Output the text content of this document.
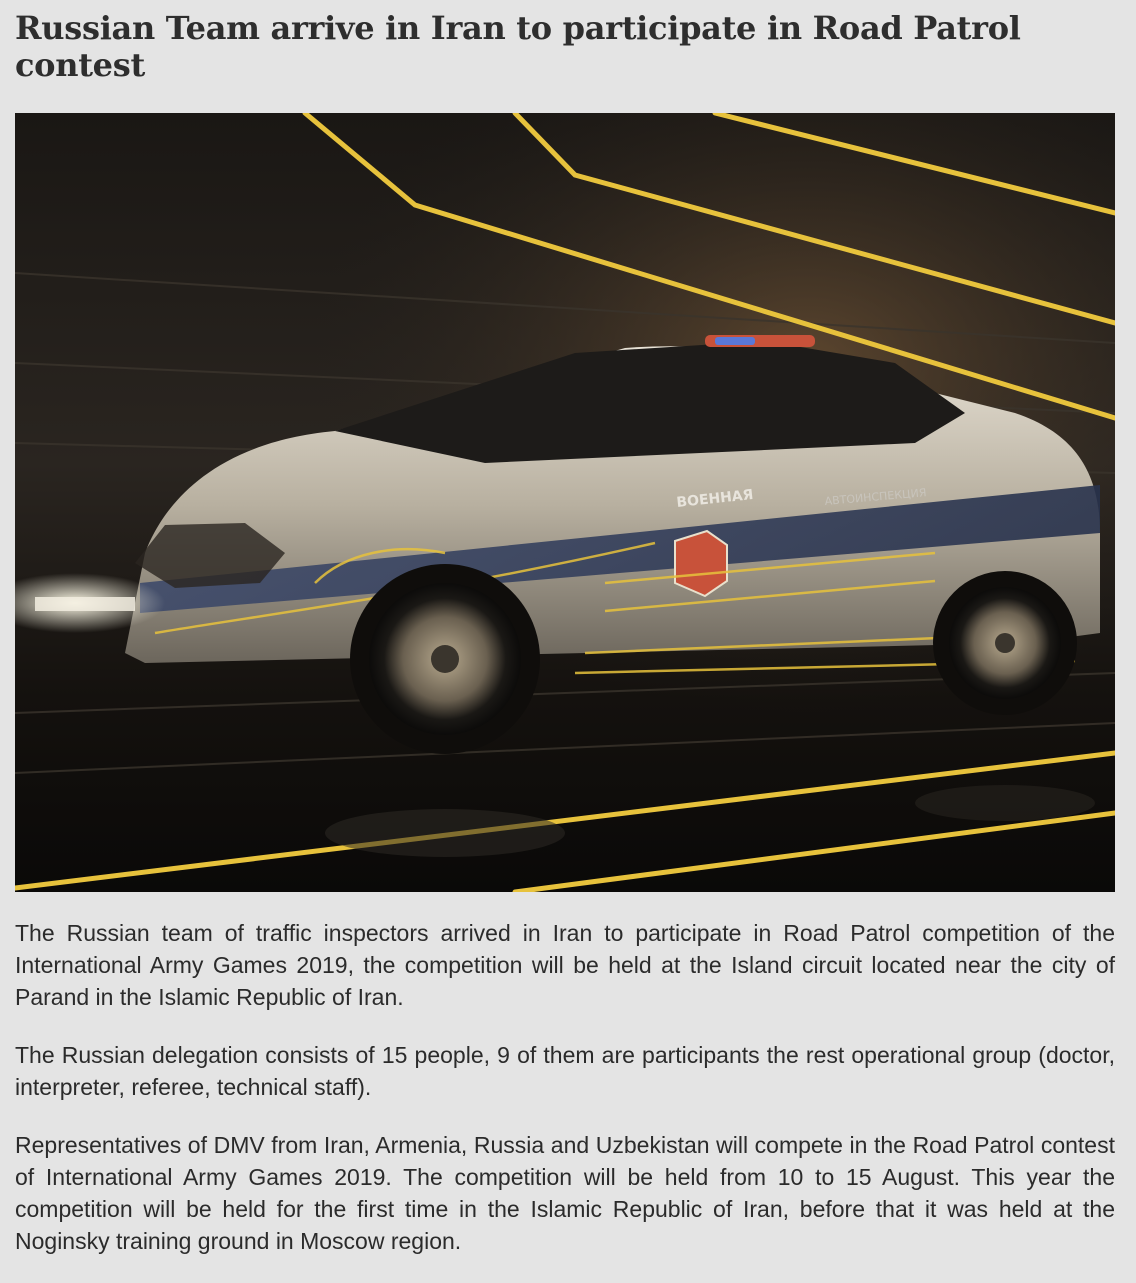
Russian Team arrive in Iran to participate in Road Patrol contest
ВОЕННАЯ	АВТОИНСПЕКЦИЯ

The Russian team of traffic inspectors arrived in Iran to participate in Road Patrol competition of the International Army Games 2019, the competition will be held at the Island circuit located near the city of Parand in the Islamic Republic of Iran.

The Russian delegation consists of 15 people, 9 of them are participants the rest operational group (doctor, interpreter, referee, technical staff).

Representatives of DMV from Iran, Armenia, Russia and Uzbekistan will compete in the Road Patrol contest of International Army Games 2019. The competition will be held from 10 to 15 August. This year the competition will be held for the first time in the Islamic Republic of Iran, before that it was held at the Noginsky training ground in Moscow region.
